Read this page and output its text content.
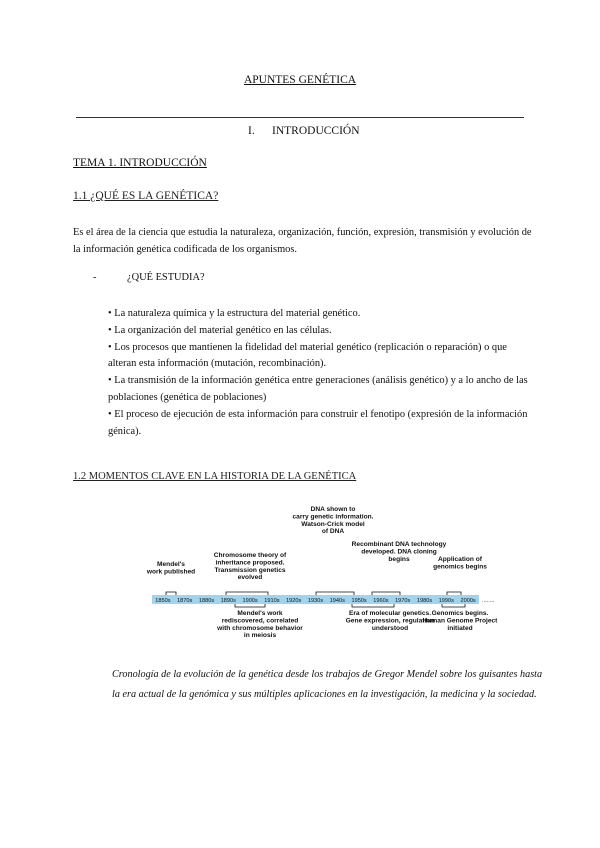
APUNTES GENÉTICA
I. INTRODUCCIÓN
TEMA 1. INTRODUCCIÓN
1.1 ¿QUÉ ES LA GENÉTICA?
Es el área de la ciencia que estudia la naturaleza, organización, función, expresión, transmisión y evolución de la información genética codificada de los organismos.
-	¿QUÉ ESTUDIA?

• La naturaleza química y la estructura del material genético.

• La organización del material genético en las células.

• Los procesos que mantienen la fidelidad del material genético (replicación o reparación) o que alteran esta información (mutación, recombinación).

• La transmisión de la información genética entre generaciones (análisis genético) y a lo ancho de las poblaciones (genética de poblaciones)

• El proceso de ejecución de esta información para construir el fenotipo (expresión de la información

génica).

1.2 MOMENTOS CLAVE EN LA HISTORIA DE LA GENÉTICA
1850s 1870s 1880s 1890s 1900s 1910s 1920s 1930s 1940s 1950s 1960s 1970s 1980s 1990s 2000s ........
Mendel's
work published
Chromosome theory of
inheritance proposed.
Transmission genetics
evolved
DNA shown to
carry genetic information.
Watson-Crick model
of DNA
Recombinant DNA technology
developed. DNA cloning
begins	Application of
genomics begins
Mendel's work
rediscovered, correlated
with chromosome behavior
in meiosis
Era of molecular genetics.
Gene expression, regulation
understood
Genomics begins.
Human Genome Project
initiated

Cronología de la evolución de la genética desde los trabajos de Gregor Mendel sobre los guisantes hasta

la era actual de la genómica y sus múltiples aplicaciones en la investigación, la medicina y la sociedad.
